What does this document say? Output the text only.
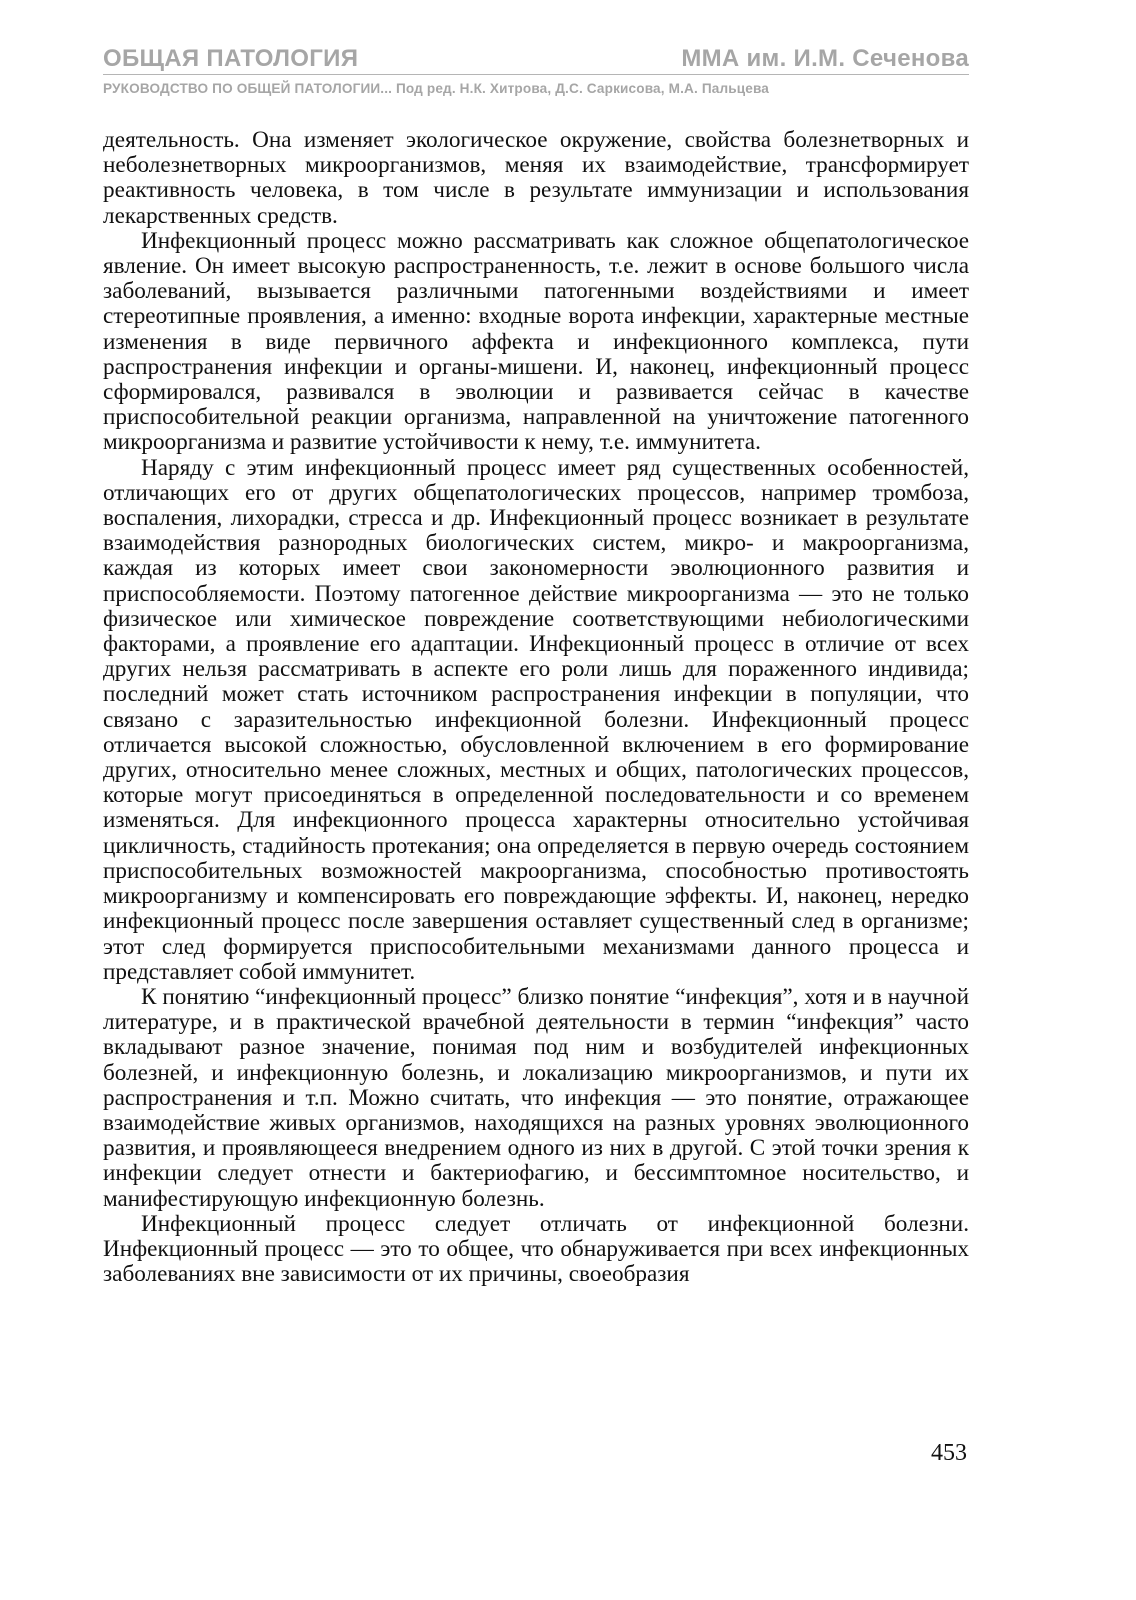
ОБЩАЯ ПАТОЛОГИЯ	ММА им. И.М. Сеченова
РУКОВОДСТВО ПО ОБЩЕЙ ПАТОЛОГИИ... Под ред. Н.К. Хитрова, Д.С. Саркисова, М.А. Пальцева

деятельность. Она изменяет экологическое окружение, свойства болезнетворных и неболезнетворных микроорганизмов, меняя их взаимодействие, трансформирует реактивность человека, в том числе в результате иммунизации и использования лекарственных средств.

Инфекционный процесс можно рассматривать как сложное общепатологическое явление. Он имеет высокую распространенность, т.е. лежит в основе большого числа заболеваний, вызывается различными патогенными воздействиями и имеет стереотипные проявления, а именно: входные ворота инфекции, характерные местные изменения в виде первичного аффекта и инфекционного комплекса, пути распространения инфекции и органы-мишени. И, наконец, инфекционный процесс сформировался, развивался в эволюции и развивается сейчас в качестве приспособительной реакции организма, направленной на уничтожение патогенного микроорганизма и развитие устойчивости к нему, т.е. иммунитета.

Наряду с этим инфекционный процесс имеет ряд существенных особенностей, отличающих его от других общепатологических процессов, например тромбоза, воспаления, лихорадки, стресса и др. Инфекционный процесс возникает в результате взаимодействия разнородных биологических систем, микро- и макроорганизма, каждая из которых имеет свои закономерности эволюционного развития и приспособляемости. Поэтому патогенное действие микроорганизма — это не только физическое или химическое повреждение соответствующими небиологическими факторами, а проявление его адаптации. Инфекционный процесс в отличие от всех других нельзя рассматривать в аспекте его роли лишь для пораженного индивида; последний может стать источником распространения инфекции в популяции, что связано с заразительностью инфекционной болезни. Инфекционный процесс отличается высокой сложностью, обусловленной включением в его формирование других, относительно менее сложных, местных и общих, патологических процессов, которые могут присоединяться в определенной последовательности и со временем изменяться. Для инфекционного процесса характерны относительно устойчивая цикличность, стадийность протекания; она определяется в первую очередь состоянием приспособительных возможностей макроорганизма, способностью противостоять микроорганизму и компенсировать его повреждающие эффекты. И, наконец, нередко инфекционный процесс после завершения оставляет существенный след в организме; этот след формируется приспособительными механизмами данного процесса и представляет собой иммунитет.

К понятию “инфекционный процесс” близко понятие “инфекция”, хотя и в научной литературе, и в практической врачебной деятельности в термин “инфекция” часто вкладывают разное значение, понимая под ним и возбудителей инфекционных болезней, и инфекционную болезнь, и локализацию микроорганизмов, и пути их распространения и т.п. Можно считать, что инфекция — это понятие, отражающее взаимодействие живых организмов, находящихся на разных уровнях эволюционного развития, и проявляющееся внедрением одного из них в другой. С этой точки зрения к инфекции следует отнести и бактериофагию, и бессимптомное носительство, и манифестирующую инфекционную болезнь.

Инфекционный процесс следует отличать от инфекционной болезни. Инфекционный процесс — это то общее, что обнаруживается при всех инфекционных заболеваниях вне зависимости от их причины, своеобразия

453
